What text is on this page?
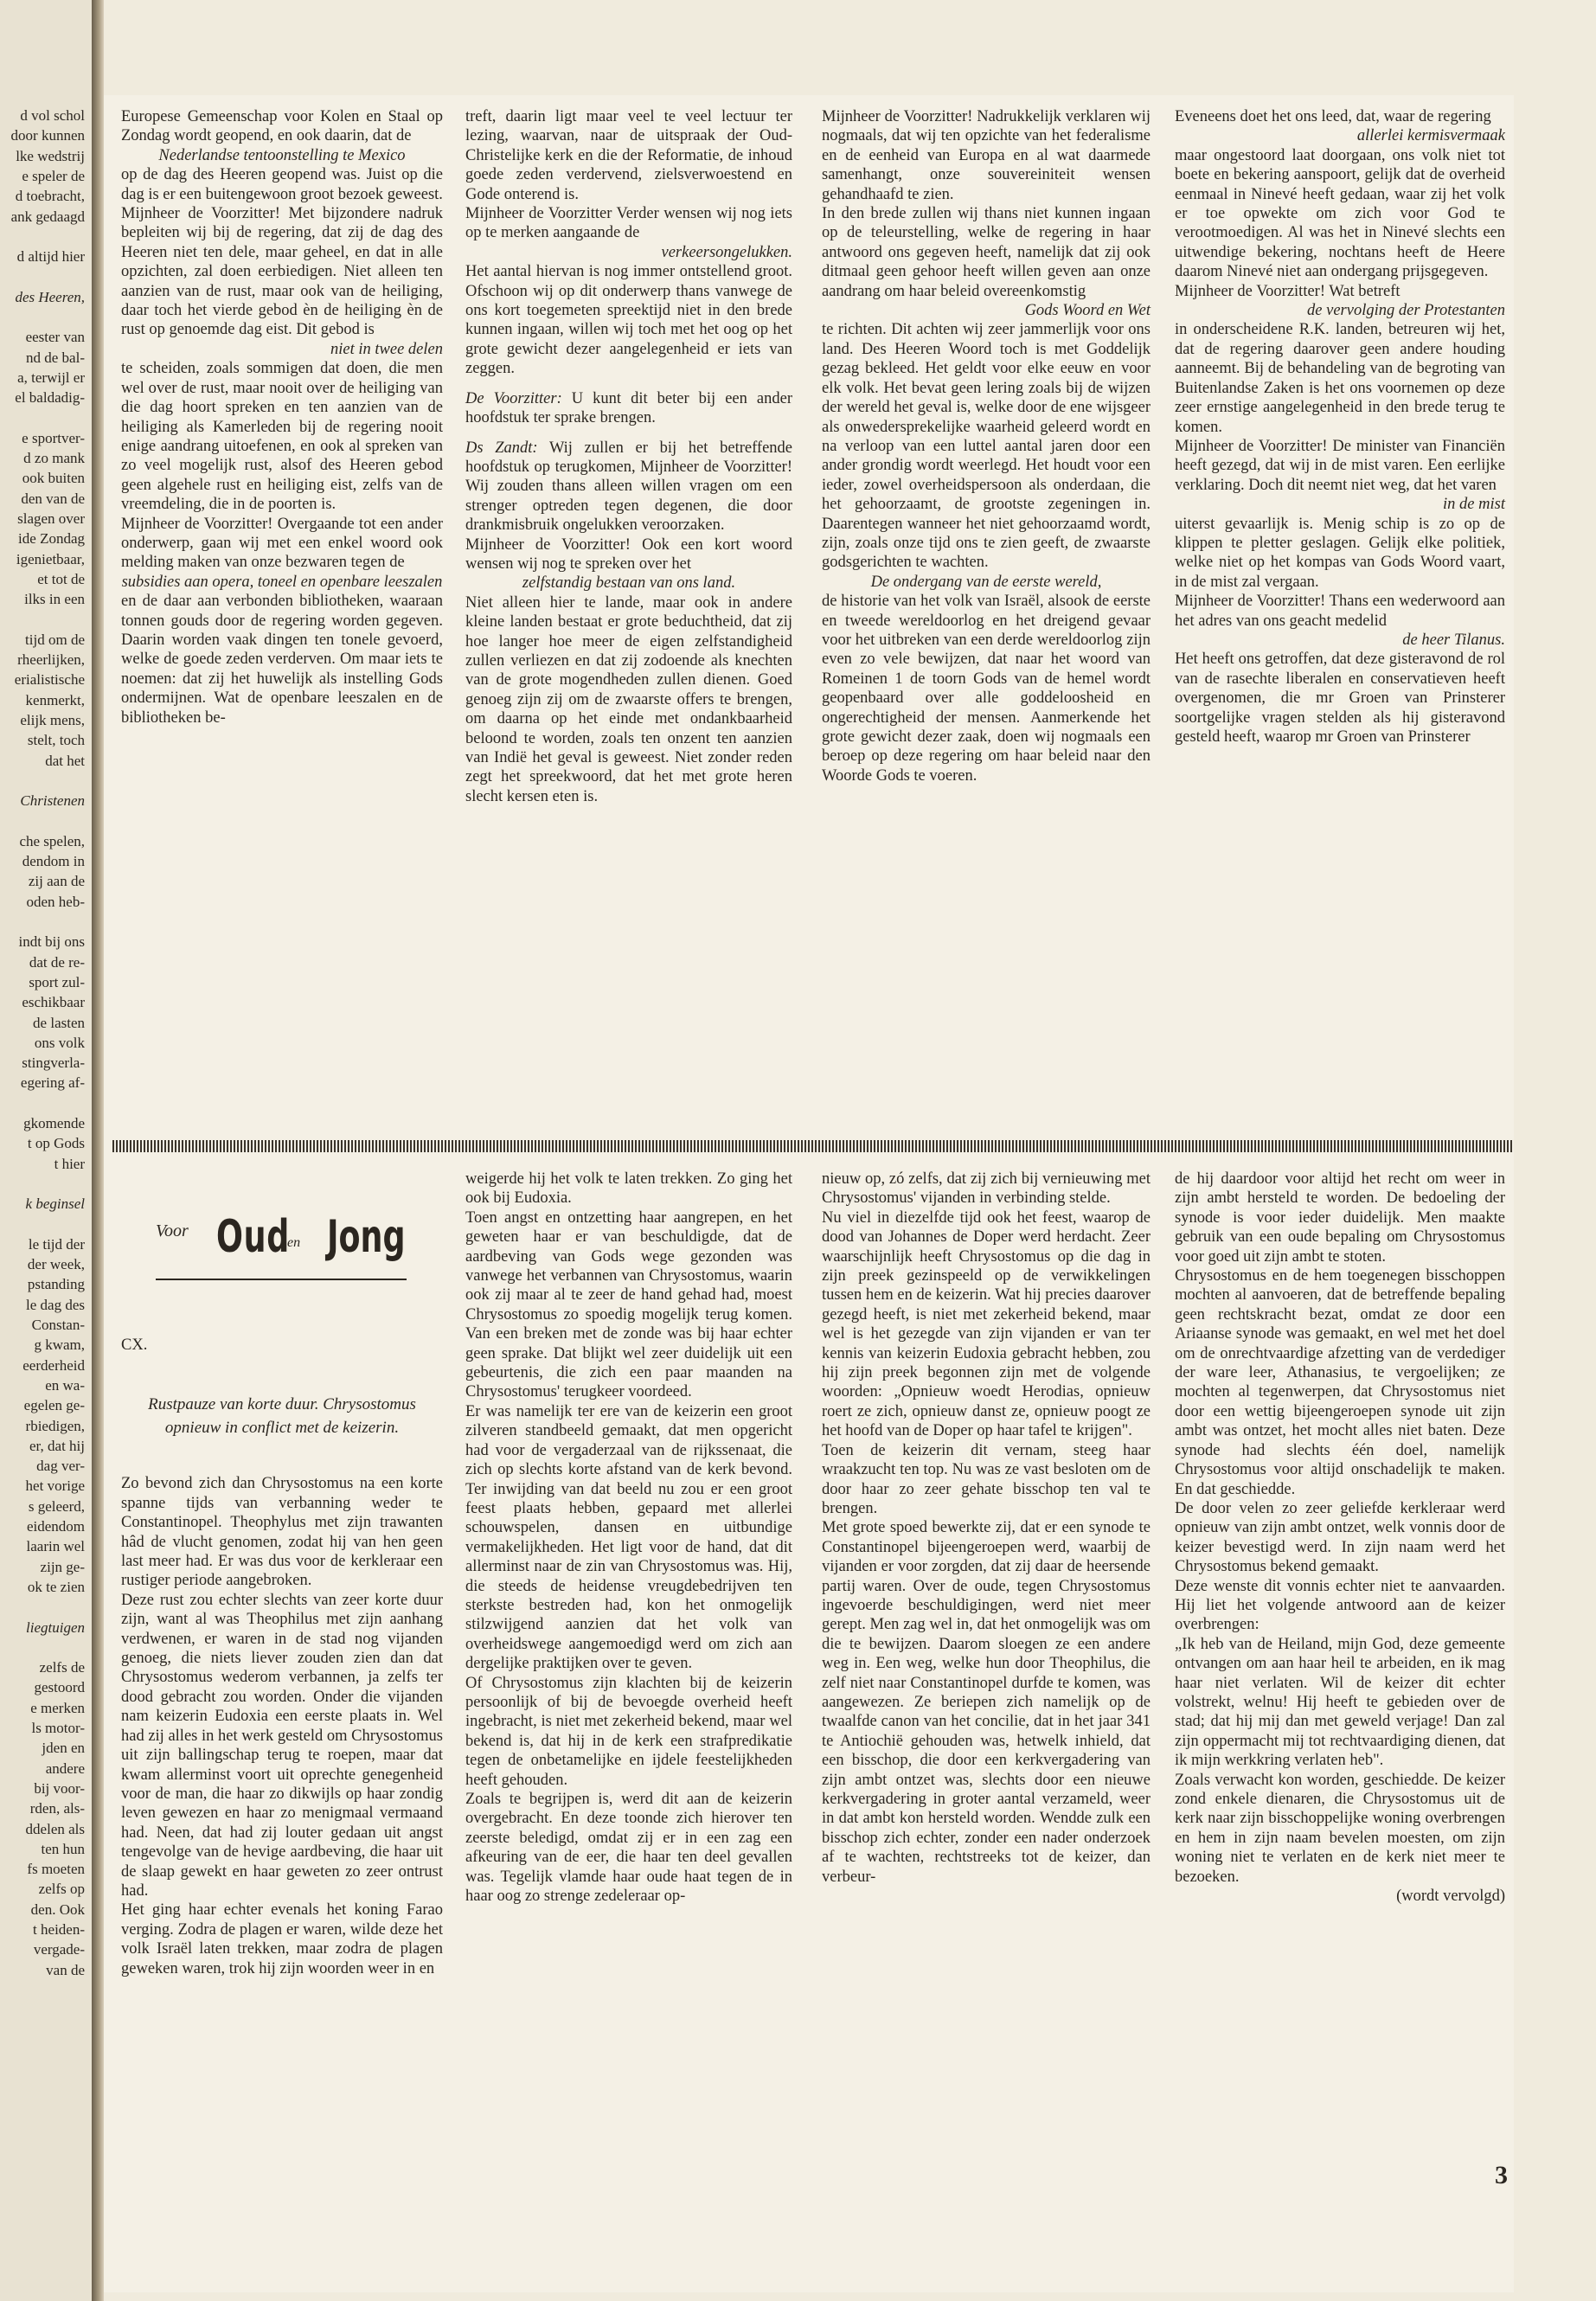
d vol schol
door kunnen
lke wedstrij
e speler de
d toebracht,
ank gedaagd
d altijd hier
des Heeren,
eester van
nd de bal-
a, terwijl er
el baldadig-
e sportver-
d zo mank
ook buiten
den van de
slagen over
ide Zondag
igenietbaar,
et tot de
ilks in een
tijd om de
rheerlijken,
erialistische
kenmerkt,
elijk mens,
stelt, toch
dat het
Christenen
che spelen,
dendom in
zij aan de
oden heb-
indt bij ons
dat de re-
sport zul-
eschikbaar
de lasten
ons volk
stingverla-
egering af-
gkomende
t op Gods
t hier
k beginsel
le tijd der
der week,
pstanding
le dag des
Constan-
g kwam,
eerderheid
en wa-
egelen ge-
rbiedigen,
er, dat hij
dag ver-
het vorige
s geleerd,
eidendom
laarin wel
zijn ge-
ok te zien
liegtuigen
zelfs de
gestoord
e merken
ls motor-
jden en
andere
bij voor-
rden, als-
ddelen als
ten hun
fs moeten
zelfs op
den. Ook
t heiden-
vergade-
van de

Europese Gemeenschap voor Kolen en Staal op Zondag wordt geopend, en ook daarin, dat de

Nederlandse tentoonstelling te Mexico

op de dag des Heeren geopend was. Juist op die dag is er een buitengewoon groot bezoek geweest.

Mijnheer de Voorzitter! Met bijzondere nadruk bepleiten wij bij de regering, dat zij de dag des Heeren niet ten dele, maar geheel, en dat in alle opzichten, zal doen eerbiedigen. Niet alleen ten aanzien van de rust, maar ook van de heiliging, daar toch het vierde gebod èn de heiliging èn de rust op genoemde dag eist. Dit gebod is

niet in twee delen

te scheiden, zoals sommigen dat doen, die men wel over de rust, maar nooit over de heiliging van die dag hoort spreken en ten aanzien van de heiliging als Kamerleden bij de regering nooit enige aandrang uitoefenen, en ook al spreken van zo veel mogelijk rust, alsof des Heeren gebod geen algehele rust en heiliging eist, zelfs van de vreemdeling, die in de poorten is.

Mijnheer de Voorzitter! Overgaande tot een ander onderwerp, gaan wij met een enkel woord ook melding maken van onze bezwaren tegen de

subsidies aan opera, toneel en openbare leeszalen

en de daar aan verbonden bibliotheken, waaraan tonnen gouds door de regering worden gegeven. Daarin worden vaak dingen ten tonele gevoerd, welke de goede zeden verderven. Om maar iets te noemen: dat zij het huwelijk als instelling Gods ondermijnen. Wat de openbare leeszalen en de bibliotheken be-

treft, daarin ligt maar veel te veel lectuur ter lezing, waarvan, naar de uitspraak der Oud-Christelijke kerk en die der Reformatie, de inhoud goede zeden verdervend, zielsverwoestend en Gode onterend is.

Mijnheer de Voorzitter Verder wensen wij nog iets op te merken aangaande de

verkeersongelukken.

Het aantal hiervan is nog immer ontstellend groot. Ofschoon wij op dit onderwerp thans vanwege de ons kort toegemeten spreektijd niet in den brede kunnen ingaan, willen wij toch met het oog op het grote gewicht dezer aangelegenheid er iets van zeggen.

De Voorzitter: U kunt dit beter bij een ander hoofdstuk ter sprake brengen.

Ds Zandt: Wij zullen er bij het betreffende hoofdstuk op terugkomen, Mijnheer de Voorzitter! Wij zouden thans alleen willen vragen om een strenger optreden tegen degenen, die door drankmisbruik ongelukken veroorzaken.

Mijnheer de Voorzitter! Ook een kort woord wensen wij nog te spreken over het

zelfstandig bestaan van ons land.

Niet alleen hier te lande, maar ook in andere kleine landen bestaat er grote beduchtheid, dat zij hoe langer hoe meer de eigen zelfstandigheid zullen verliezen en dat zij zodoende als knechten van de grote mogendheden zullen dienen. Goed genoeg zijn zij om de zwaarste offers te brengen, om daarna op het einde met ondankbaarheid beloond te worden, zoals ten onzent ten aanzien van Indië het geval is geweest. Niet zonder reden zegt het spreekwoord, dat het met grote heren slecht kersen eten is.

Mijnheer de Voorzitter! Nadrukkelijk verklaren wij nogmaals, dat wij ten opzichte van het federalisme en de eenheid van Europa en al wat daarmede samenhangt, onze souvereiniteit wensen gehandhaafd te zien.

In den brede zullen wij thans niet kunnen ingaan op de teleurstelling, welke de regering in haar antwoord ons gegeven heeft, namelijk dat zij ook ditmaal geen gehoor heeft willen geven aan onze aandrang om haar beleid overeenkomstig

Gods Woord en Wet

te richten. Dit achten wij zeer jammerlijk voor ons land. Des Heeren Woord toch is met Goddelijk gezag bekleed. Het geldt voor elke eeuw en voor elk volk. Het bevat geen lering zoals bij de wijzen der wereld het geval is, welke door de ene wijsgeer als onwedersprekelijke waarheid geleerd wordt en na verloop van een luttel aantal jaren door een ander grondig wordt weerlegd. Het houdt voor een ieder, zowel overheidspersoon als onderdaan, die het gehoorzaamt, de grootste zegeningen in. Daarentegen wanneer het niet gehoorzaamd wordt, zijn, zoals onze tijd ons te zien geeft, de zwaarste godsgerichten te wachten.

De ondergang van de eerste wereld,

de historie van het volk van Israël, alsook de eerste en tweede wereldoorlog en het dreigend gevaar voor het uitbreken van een derde wereldoorlog zijn even zo vele bewijzen, dat naar het woord van Romeinen 1 de toorn Gods van de hemel wordt geopenbaard over alle goddeloosheid en ongerechtigheid der mensen. Aanmerkende het grote gewicht dezer zaak, doen wij nogmaals een beroep op deze regering om haar beleid naar den Woorde Gods te voeren.

Eveneens doet het ons leed, dat, waar de regering

allerlei kermisvermaak

maar ongestoord laat doorgaan, ons volk niet tot boete en bekering aanspoort, gelijk dat de overheid eenmaal in Ninevé heeft gedaan, waar zij het volk er toe opwekte om zich voor God te verootmoedigen. Al was het in Ninevé slechts een uitwendige bekering, nochtans heeft de Heere daarom Ninevé niet aan ondergang prijsgegeven.

Mijnheer de Voorzitter! Wat betreft

de vervolging der Protestanten

in onderscheidene R.K. landen, betreuren wij het, dat de regering daarover geen andere houding aanneemt. Bij de behandeling van de begroting van Buitenlandse Zaken is het ons voornemen op deze zeer ernstige aangelegenheid in den brede terug te komen.

Mijnheer de Voorzitter! De minister van Financiën heeft gezegd, dat wij in de mist varen. Een eerlijke verklaring. Doch dit neemt niet weg, dat het varen

in de mist

uiterst gevaarlijk is. Menig schip is zo op de klippen te pletter geslagen. Gelijk elke politiek, welke niet op het kompas van Gods Woord vaart, in de mist zal vergaan.

Mijnheer de Voorzitter! Thans een wederwoord aan het adres van ons geacht medelid

de heer Tilanus.

Het heeft ons getroffen, dat deze gisteravond de rol van de rasechte liberalen en conservatieven heeft overgenomen, die mr Groen van Prinsterer soortgelijke vragen stelden als hij gisteravond gesteld heeft, waarop mr Groen van Prinsterer

Voor Oud
en Jong

CX.

Rustpauze van korte duur. Chrysostomus opnieuw in conflict met de keizerin.

Zo bevond zich dan Chrysostomus na een korte spanne tijds van verbanning weder te Constantinopel. Theophylus met zijn trawanten hâd de vlucht genomen, zodat hij van hen geen last meer had. Er was dus voor de kerkleraar een rustiger periode aangebroken.

Deze rust zou echter slechts van zeer korte duur zijn, want al was Theophilus met zijn aanhang verdwenen, er waren in de stad nog vijanden genoeg, die niets liever zouden zien dan dat Chrysostomus wederom verbannen, ja zelfs ter dood gebracht zou worden. Onder die vijanden nam keizerin Eudoxia een eerste plaats in. Wel had zij alles in het werk gesteld om Chrysostomus uit zijn ballingschap terug te roepen, maar dat kwam allerminst voort uit oprechte genegenheid voor de man, die haar zo dikwijls op haar zondig leven gewezen en haar zo menigmaal vermaand had. Neen, dat had zij louter gedaan uit angst tengevolge van de hevige aardbeving, die haar uit de slaap gewekt en haar geweten zo zeer ontrust had.

Het ging haar echter evenals het koning Farao verging. Zodra de plagen er waren, wilde deze het volk Israël laten trekken, maar zodra de plagen geweken waren, trok hij zijn woorden weer in en

weigerde hij het volk te laten trekken. Zo ging het ook bij Eudoxia.

Toen angst en ontzetting haar aangrepen, en het geweten haar er van beschuldigde, dat de aardbeving van Gods wege gezonden was vanwege het verbannen van Chrysostomus, waarin ook zij maar al te zeer de hand gehad had, moest Chrysostomus zo spoedig mogelijk terug komen. Van een breken met de zonde was bij haar echter geen sprake. Dat blijkt wel zeer duidelijk uit een gebeurtenis, die zich een paar maanden na Chrysostomus' terugkeer voordeed.

Er was namelijk ter ere van de keizerin een groot zilveren standbeeld gemaakt, dat men opgericht had voor de vergaderzaal van de rijkssenaat, die zich op slechts korte afstand van de kerk bevond. Ter inwijding van dat beeld nu zou er een groot feest plaats hebben, gepaard met allerlei schouwspelen, dansen en uitbundige vermakelijkheden. Het ligt voor de hand, dat dit allerminst naar de zin van Chrysostomus was. Hij, die steeds de heidense vreugdebedrijven ten sterkste bestreden had, kon het onmogelijk stilzwijgend aanzien dat het volk van overheidswege aangemoedigd werd om zich aan dergelijke praktijken over te geven.

Of Chrysostomus zijn klachten bij de keizerin persoonlijk of bij de bevoegde overheid heeft ingebracht, is niet met zekerheid bekend, maar wel bekend is, dat hij in de kerk een strafpredikatie tegen de onbetamelijke en ijdele feestelijkheden heeft gehouden.

Zoals te begrijpen is, werd dit aan de keizerin overgebracht. En deze toonde zich hierover ten zeerste beledigd, omdat zij er in een zag een afkeuring van de eer, die haar ten deel gevallen was. Tegelijk vlamde haar oude haat tegen de in haar oog zo strenge zedeleraar op-

nieuw op, zó zelfs, dat zij zich bij vernieuwing met Chrysostomus' vijanden in verbinding stelde.

Nu viel in diezelfde tijd ook het feest, waarop de dood van Johannes de Doper werd herdacht. Zeer waarschijnlijk heeft Chrysostomus op die dag in zijn preek gezinspeeld op de verwikkelingen tussen hem en de keizerin. Wat hij precies daarover gezegd heeft, is niet met zekerheid bekend, maar wel is het gezegde van zijn vijanden er van ter kennis van keizerin Eudoxia gebracht hebben, zou hij zijn preek begonnen zijn met de volgende woorden: „Opnieuw woedt Herodias, opnieuw roert ze zich, opnieuw danst ze, opnieuw poogt ze het hoofd van de Doper op haar tafel te krijgen".

Toen de keizerin dit vernam, steeg haar wraakzucht ten top. Nu was ze vast besloten om de door haar zo zeer gehate bisschop ten val te brengen.

Met grote spoed bewerkte zij, dat er een synode te Constantinopel bijeengeroepen werd, waarbij de vijanden er voor zorgden, dat zij daar de heersende partij waren. Over de oude, tegen Chrysostomus ingevoerde beschuldigingen, werd niet meer gerept. Men zag wel in, dat het onmogelijk was om die te bewijzen. Daarom sloegen ze een andere weg in. Een weg, welke hun door Theophilus, die zelf niet naar Constantinopel durfde te komen, was aangewezen. Ze beriepen zich namelijk op de twaalfde canon van het concilie, dat in het jaar 341 te Antiochië gehouden was, hetwelk inhield, dat een bisschop, die door een kerkvergadering van zijn ambt ontzet was, slechts door een nieuwe kerkvergadering in groter aantal verzameld, weer in dat ambt kon hersteld worden. Wendde zulk een bisschop zich echter, zonder een nader onderzoek af te wachten, rechtstreeks tot de keizer, dan verbeur-

de hij daardoor voor altijd het recht om weer in zijn ambt hersteld te worden. De bedoeling der synode is voor ieder duidelijk. Men maakte gebruik van een oude bepaling om Chrysostomus voor goed uit zijn ambt te stoten.

Chrysostomus en de hem toegenegen bisschoppen mochten al aanvoeren, dat de betreffende bepaling geen rechtskracht bezat, omdat ze door een Ariaanse synode was gemaakt, en wel met het doel om de onrechtvaardige afzetting van de verdediger der ware leer, Athanasius, te vergoelijken; ze mochten al tegenwerpen, dat Chrysostomus niet door een wettig bijeengeroepen synode uit zijn ambt was ontzet, het mocht alles niet baten. Deze synode had slechts één doel, namelijk Chrysostomus voor altijd onschadelijk te maken. En dat geschiedde.

De door velen zo zeer geliefde kerkleraar werd opnieuw van zijn ambt ontzet, welk vonnis door de keizer bevestigd werd. In zijn naam werd het Chrysostomus bekend gemaakt.

Deze wenste dit vonnis echter niet te aanvaarden. Hij liet het volgende antwoord aan de keizer overbrengen:

„Ik heb van de Heiland, mijn God, deze gemeente ontvangen om aan haar heil te arbeiden, en ik mag haar niet verlaten. Wil de keizer dit echter volstrekt, welnu! Hij heeft te gebieden over de stad; dat hij mij dan met geweld verjage! Dan zal zijn oppermacht mij tot rechtvaardiging dienen, dat ik mijn werkkring verlaten heb".

Zoals verwacht kon worden, geschiedde. De keizer zond enkele dienaren, die Chrysostomus uit de kerk naar zijn bisschoppelijke woning overbrengen en hem in zijn naam bevelen moesten, om zijn woning niet te verlaten en de kerk niet meer te bezoeken.

(wordt vervolgd)

3
